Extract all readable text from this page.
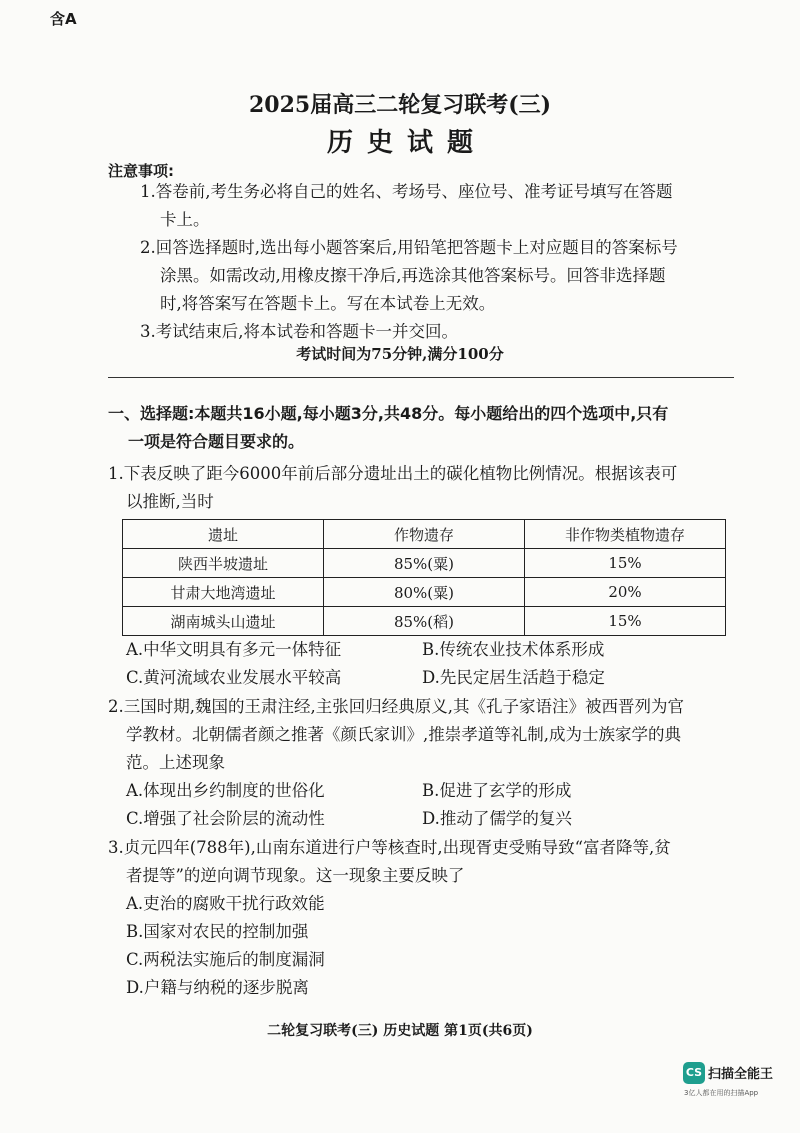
含A
2025届高三二轮复习联考(三)
历史试题
注意事项:
1.答卷前,考生务必将自己的姓名、考场号、座位号、准考证号填写在答题
卡上。
2.回答选择题时,选出每小题答案后,用铅笔把答题卡上对应题目的答案标号
涂黑。如需改动,用橡皮擦干净后,再选涂其他答案标号。回答非选择题
时,将答案写在答题卡上。写在本试卷上无效。
3.考试结束后,将本试卷和答题卡一并交回。
考试时间为75分钟,满分100分
一、选择题:本题共16小题,每小题3分,共48分。每小题给出的四个选项中,只有
一项是符合题目要求的。
1.下表反映了距今6000年前后部分遗址出土的碳化植物比例情况。根据该表可
以推断,当时
遗址	作物遗存	非作物类植物遗存
陕西半坡遗址	85%(粟)	15%
甘肃大地湾遗址	80%(粟)	20%
湖南城头山遗址	85%(稻)	15%
A.中华文明具有多元一体特征	B.传统农业技术体系形成
C.黄河流域农业发展水平较高	D.先民定居生活趋于稳定
2.三国时期,魏国的王肃注经,主张回归经典原义,其《孔子家语注》被西晋列为官
学教材。北朝儒者颜之推著《颜氏家训》,推崇孝道等礼制,成为士族家学的典
范。上述现象
A.体现出乡约制度的世俗化	B.促进了玄学的形成
C.增强了社会阶层的流动性	D.推动了儒学的复兴
3.贞元四年(788年),山南东道进行户等核查时,出现胥吏受贿导致“富者降等,贫
者提等”的逆向调节现象。这一现象主要反映了
A.吏治的腐败干扰行政效能
B.国家对农民的控制加强
C.两税法实施后的制度漏洞
D.户籍与纳税的逐步脱离
二轮复习联考(三) 历史试题 第1页(共6页)
CS 扫描全能王
3亿人都在用的扫描App
